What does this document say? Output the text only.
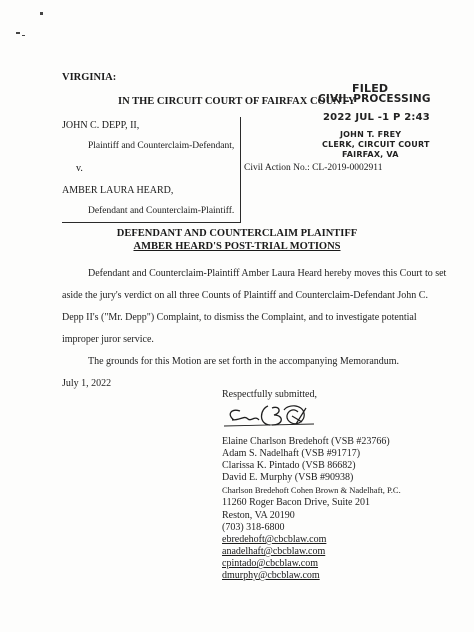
VIRGINIA:
IN THE CIRCUIT COURT OF FAIRFAX COUNTY
FILED
CIVIL PROCESSING
2022 JUL -1 P 2:43
JOHN T. FREY
CLERK, CIRCUIT COURT
FAIRFAX, VA
JOHN C. DEPP, II,
Plaintiff and Counterclaim-Defendant,
v.
AMBER LAURA HEARD,
Defendant and Counterclaim-Plaintiff.
Civil Action No.: CL-2019-0002911
DEFENDANT AND COUNTERCLAIM PLAINTIFF
AMBER HEARD'S POST-TRIAL MOTIONS
Defendant and Counterclaim-Plaintiff Amber Laura Heard hereby moves this Court to set
aside the jury's verdict on all three Counts of Plaintiff and Counterclaim-Defendant John C.
Depp II's ("Mr. Depp") Complaint, to dismiss the Complaint, and to investigate potential
improper juror service.
The grounds for this Motion are set forth in the accompanying Memorandum.
July 1, 2022
Respectfully submitted,
Elaine Charlson Bredehoft (VSB #23766)
Adam S. Nadelhaft (VSB #91717)
Clarissa K. Pintado (VSB 86682)
David E. Murphy (VSB #90938)
Charlson Bredehoft Cohen Brown & Nadelhaft, P.C.
11260 Roger Bacon Drive, Suite 201
Reston, VA 20190
(703) 318-6800
ebredehoft@cbcblaw.com
anadelhaft@cbcblaw.com
cpintado@cbcblaw.com
dmurphy@cbcblaw.com
